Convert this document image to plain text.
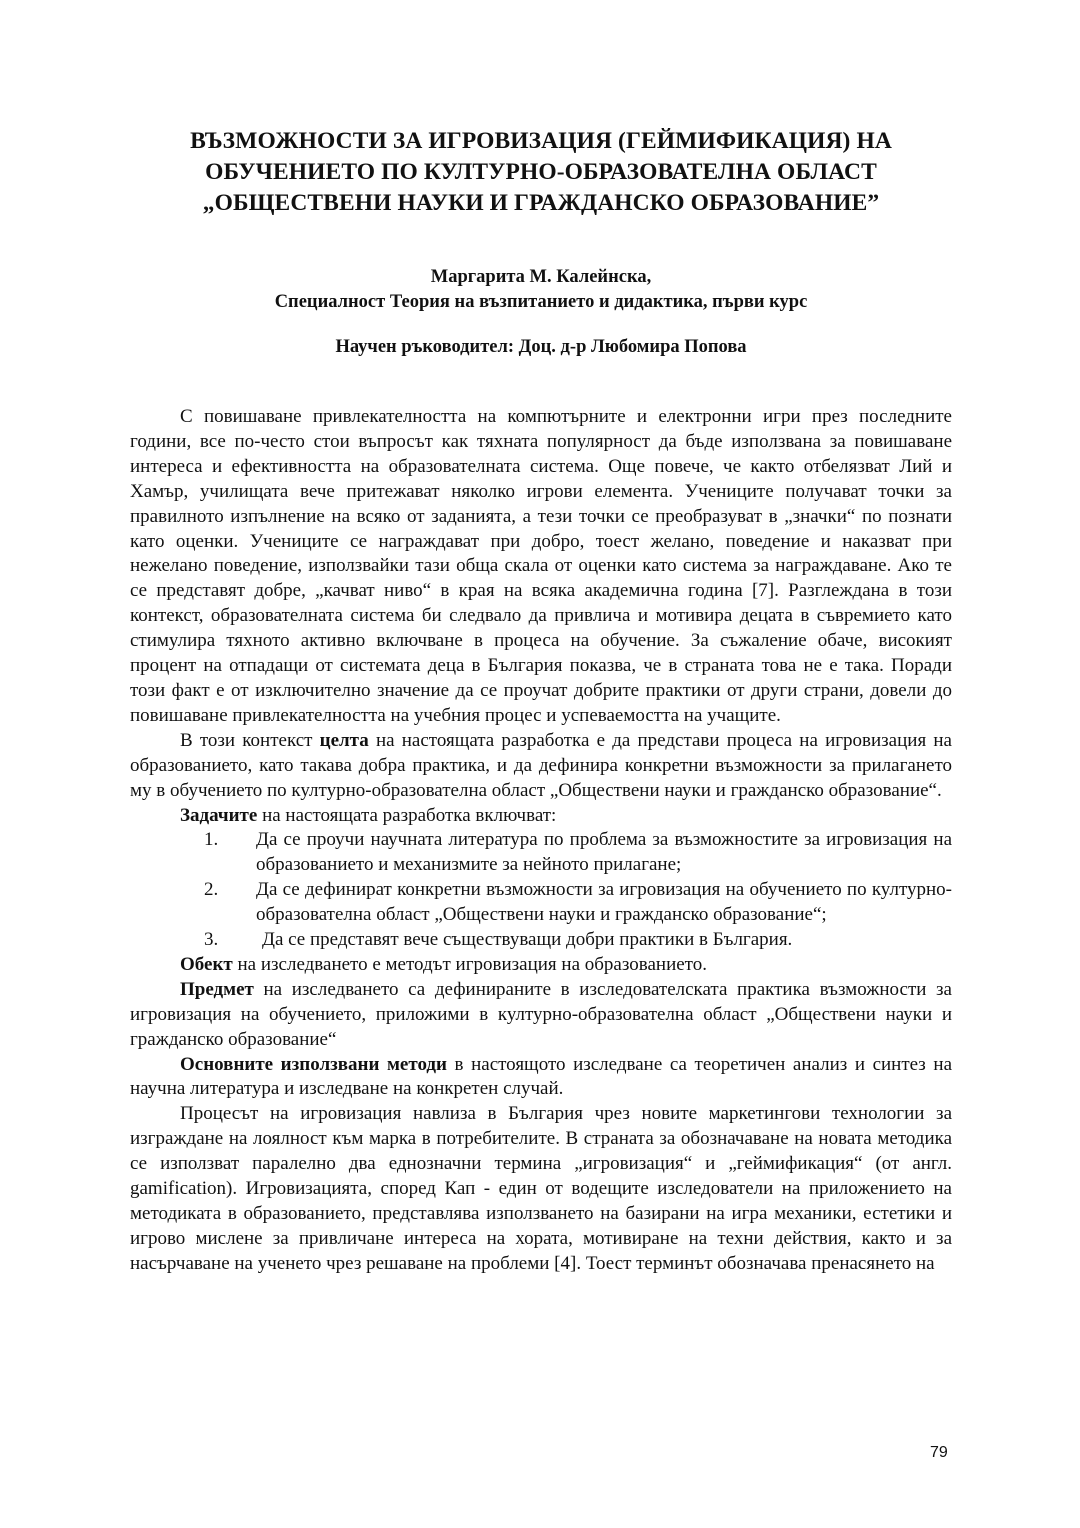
ВЪЗМОЖНОСТИ ЗА ИГРОВИЗАЦИЯ (ГЕЙМИФИКАЦИЯ) НА
ОБУЧЕНИЕТО ПО КУЛТУРНО-ОБРАЗОВАТЕЛНА ОБЛАСТ
„ОБЩЕСТВЕНИ НАУКИ И ГРАЖДАНСКО ОБРАЗОВАНИЕ”
Маргарита М. Калейнска,
Специалност Теория на възпитанието и дидактика, първи курс
Научен ръководител: Доц. д-р Любомира Попова

С повишаване привлекателността на компютърните и електронни игри през последните години, все по-често стои въпросът как тяхната популярност да бъде използвана за повишаване интереса и ефективността на образователната система. Още повече, че както отбелязват Лий и Хамър, училищата вече притежават няколко игрови елемента. Учениците получават точки за правилното изпълнение на всяко от заданията, а тези точки се преобразуват в „значки“ по познати като оценки. Учениците се награждават при добро, тоест желано, поведение и наказват при нежелано поведение, използвайки тази обща скала от оценки като система за награждаване. Ако те се представят добре, „качват ниво“ в края на всяка академична година [7]. Разглеждана в този контекст, образователната система би следвало да привлича и мотивира децата в съвремието като стимулира тяхното активно включване в процеса на обучение. За съжаление обаче, високият процент на отпадащи от системата деца в България показва, че в страната това не е така. Поради този факт е от изключително значение да се проучат добрите практики от други страни, довели до повишаване привлекателността на учебния процес и успеваемостта на учащите.

В този контекст целта на настоящата разработка е да представи процеса на игровизация на образованието, като такава добра практика, и да дефинира конкретни възможности за прилагането му в обучението по културно-образователна област „Обществени науки и гражданско образование“.

Задачите на настоящата разработка включват:

1. Да се проучи научната литература по проблема за възможностите за игровизация на образованието и механизмите за нейното прилагане;
2. Да се дефинират конкретни възможности за игровизация на обучението по културно-образователна област „Обществени науки и гражданско образование“;
3. Да се представят вече съществуващи добри практики в България.

Обект на изследването е методът игровизация на образованието.

Предмет на изследването са дефинираните в изследователската практика възможности за игровизация на обучението, приложими в културно-образователна област „Обществени науки и гражданско образование“

Основните използвани методи в настоящото изследване са теоретичен анализ и синтез на научна литература и изследване на конкретен случай.

Процесът на игровизация навлиза в България чрез новите маркетингови технологии за изграждане на лоялност към марка в потребителите. В страната за обозначаване на новата методика се използват паралелно два еднозначни термина „игровизация“ и „геймификация“ (от англ. gamification). Игровизацията, според Кап - един от водещите изследователи на приложението на методиката в образованието, представлява използването на базирани на игра механики, естетики и игрово мислене за привличане интереса на хората, мотивиране на техни действия, както и за насърчаване на ученето чрез решаване на проблеми [4]. Тоест терминът обозначава пренасянето на

79
